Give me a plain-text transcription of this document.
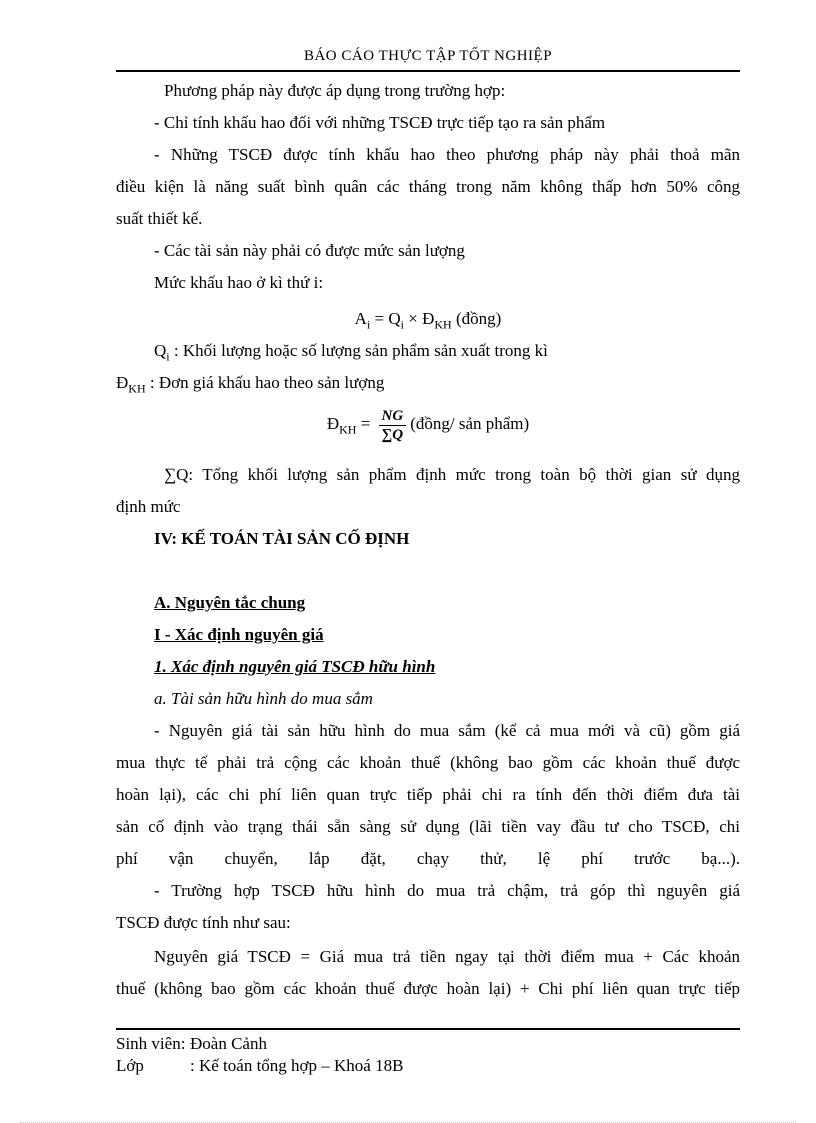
BÁO CÁO THỰC TẬP TỐT NGHIỆP
Phương pháp này được áp dụng trong trường hợp:
- Chỉ tính khấu hao đối với những TSCĐ trực tiếp tạo ra sản phẩm
- Những TSCĐ được tính khấu hao theo phương pháp này phải thoả mãn
điều kiện là năng suất bình quân các tháng trong năm không thấp hơn 50% công
suất thiết kế.
- Các tài sản này phải có được mức sản lượng
Mức khấu hao ở kì thứ i:
$A_i = Q_i$ × $Đ_{KH}$ (đồng)
$Q_i$ : Khối lượng hoặc số lượng sản phẩm sản xuất trong kì
$Đ_{KH}$ : Đơn giá khấu hao theo sản lượng
$Đ_{KH} = \frac{NG}{\sum Q}$ (đồng/ sản phẩm)
∑Q: Tổng khối lượng sản phẩm định mức trong toàn bộ thời gian sử dụng
định mức
IV: KẾ TOÁN TÀI SẢN CỐ ĐỊNH
A. Nguyên tắc chung
I - Xác định nguyên giá
1. Xác định nguyên giá TSCĐ hữu hình
a. Tài sản hữu hình do mua sắm
- Nguyên giá tài sản hữu hình do mua sắm (kể cả mua mới và cũ) gồm giá
mua thực tế phải trả cộng các khoản thuế (không bao gồm các khoản thuế được
hoàn lại), các chi phí liên quan trực tiếp phải chi ra tính đến thời điểm đưa tài
sản cố định vào trạng thái sẵn sàng sử dụng (lãi tiền vay đầu tư cho TSCĐ, chi
phí vận chuyển, lắp đặt, chạy thử, lệ phí trước bạ...).
- Trường hợp TSCĐ hữu hình do mua trả chậm, trả góp thì nguyên giá
TSCĐ được tính như sau:
Nguyên giá TSCĐ = Giá mua trả tiền ngay tại thời điểm mua + Các khoản
thuế (không bao gồm các khoản thuế được hoàn lại) + Chi phí liên quan trực tiếp
Sinh viên: Đoàn Cảnh
Lớp	: Kế toán tổng hợp – Khoá 18B
